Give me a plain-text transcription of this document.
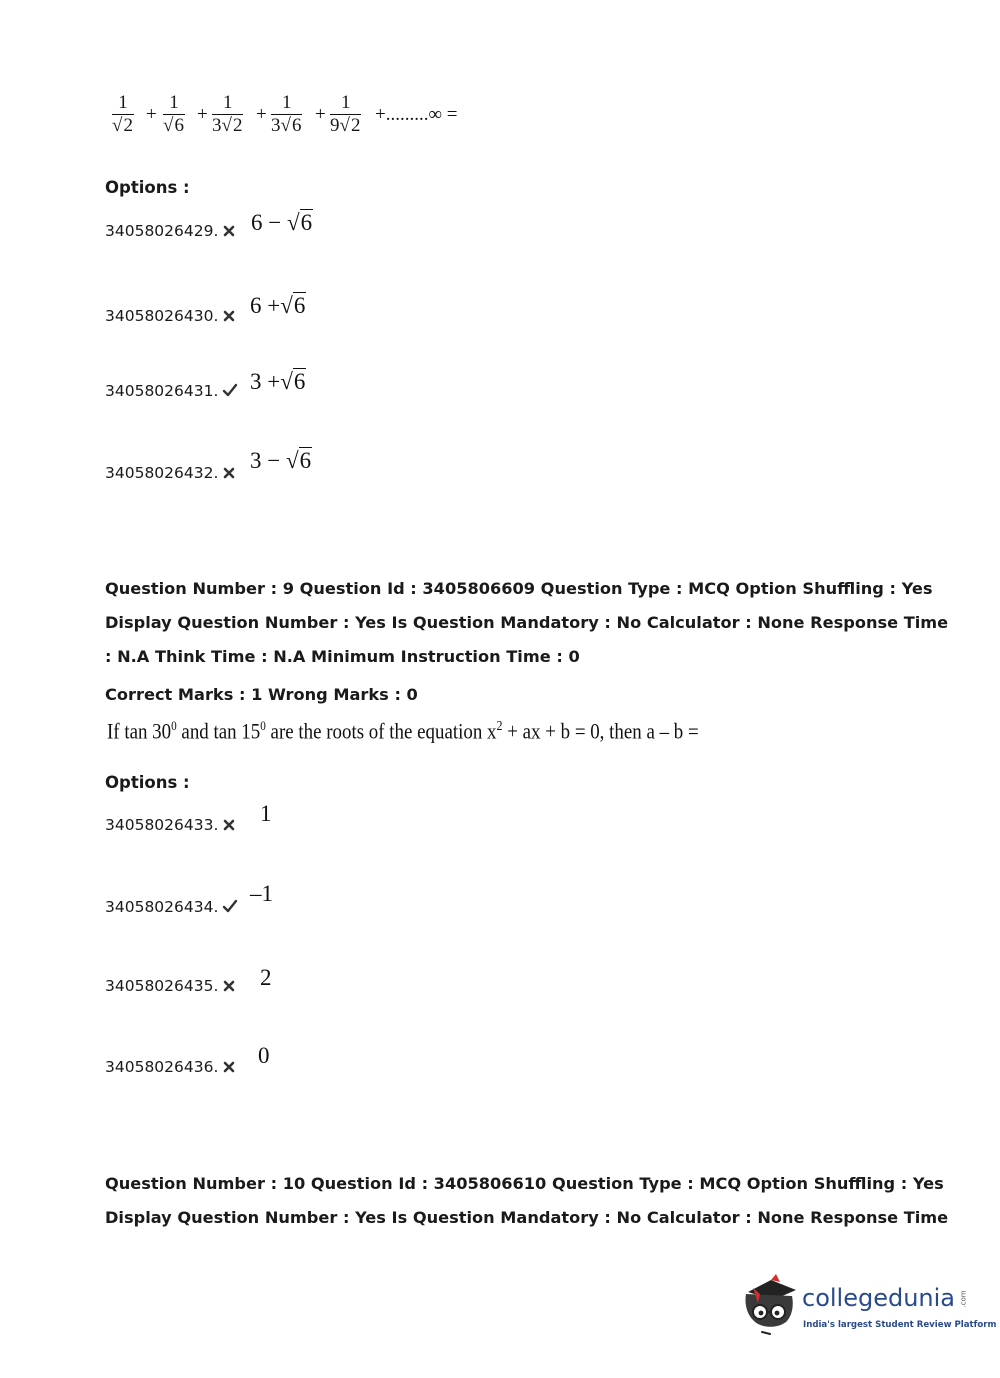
$\frac{1}{√2} + \frac{1}{√6} + \frac{1}{3√2} + \frac{1}{3√6} + \frac{1}{9√2}$ +.........∞ =
Options :
34058026429. 6 − √6
34058026430. 6 +√6
34058026431. 3 +√6
34058026432. 3 − √6
Question Number : 9 Question Id : 3405806609 Question Type : MCQ Option Shuffling : Yes
Display Question Number : Yes Is Question Mandatory : No Calculator : None Response Time
: N.A Think Time : N.A Minimum Instruction Time : 0
Correct Marks : 1 Wrong Marks : 0
If $\tan 30^0$ and $\tan 15^0$ are the roots of the equation $x^2$ + ax + b = 0, then a – b =
Options :
34058026433. 1
34058026434.
–1
34058026435. 2
34058026436. 0
Question Number : 10 Question Id : 3405806610 Question Type : MCQ Option Shuffling : Yes
Display Question Number : Yes Is Question Mandatory : No Calculator : None Response Time
collegedunia .com
India's largest Student Review Platform
